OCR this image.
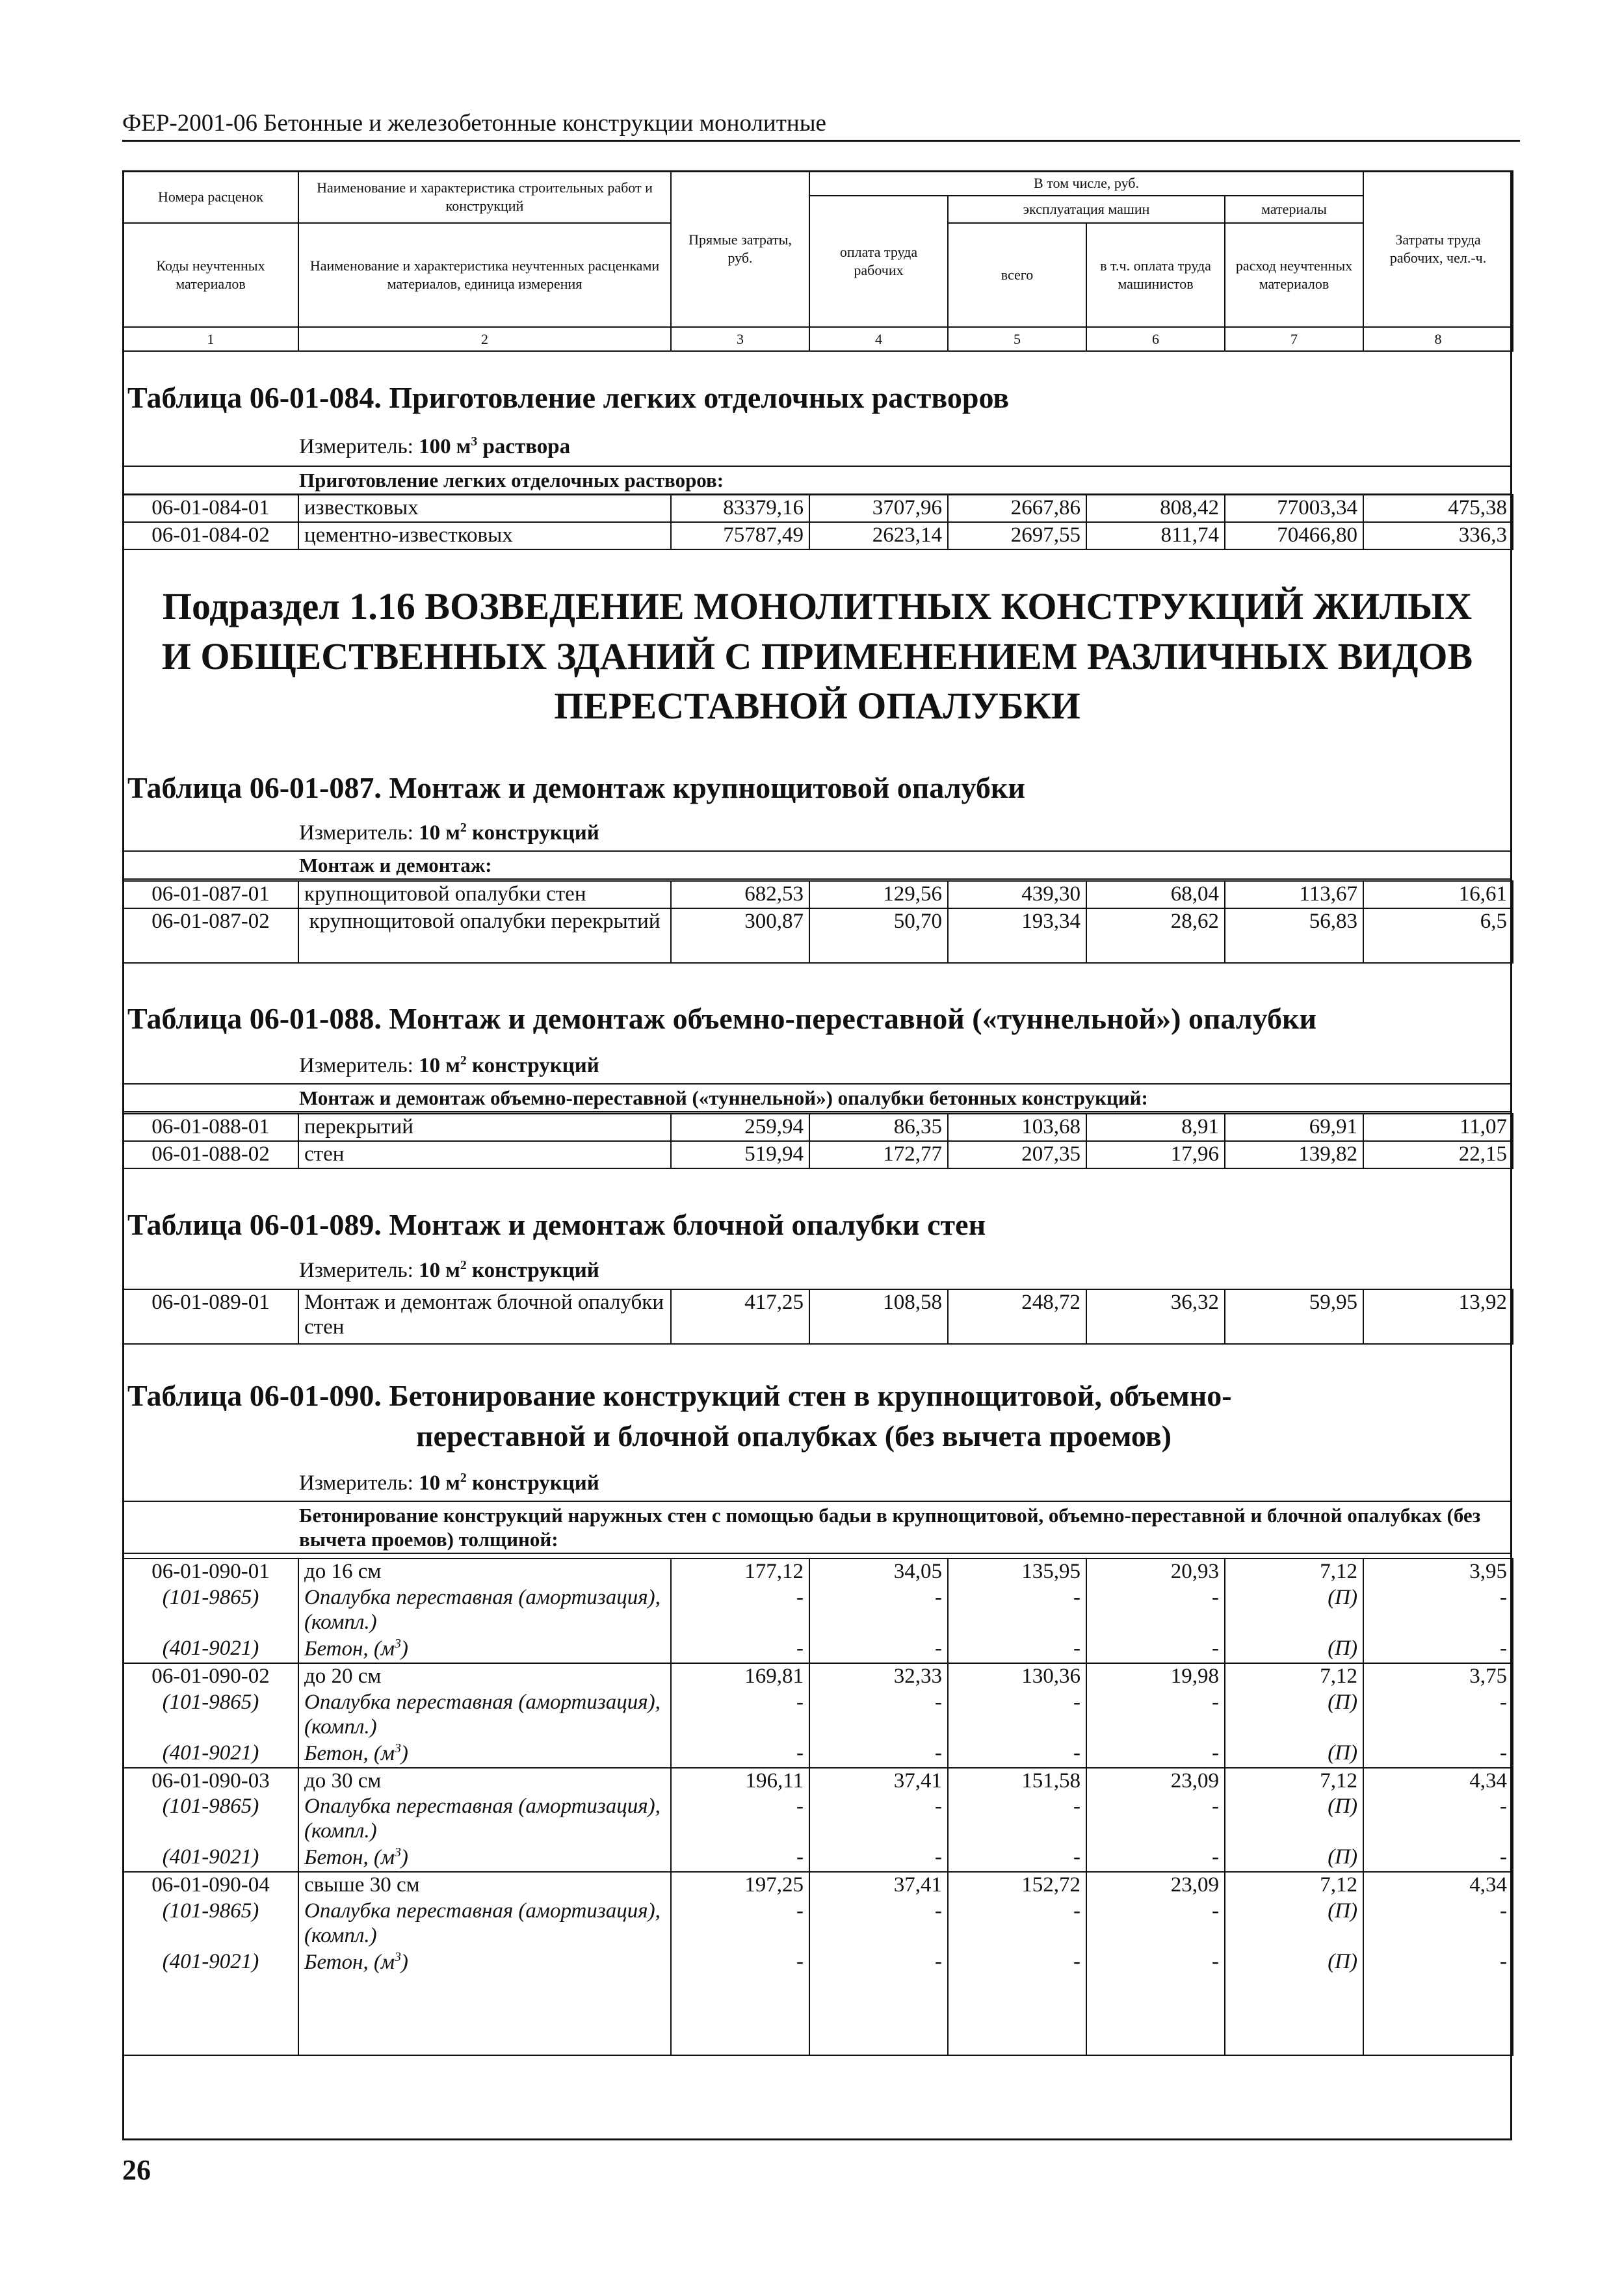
ФЕР-2001-06 Бетонные и железобетонные конструкции монолитные
Номера расценок	Наименование и характеристика строительных работ и конструкций	Прямые затраты, руб.	В том числе, руб.				Затраты труда рабочих, чел.-ч.
			оплата труда рабочих	эксплуатация машин		материалы	
Коды неучтенных материалов	Наименование и характеристика неучтенных расценками материалов, единица измерения			всего	в т.ч. оплата труда машинистов	расход неучтенных материалов	

1	2	3	4	5	6	7	8
Таблица 06-01-084. Приготовление легких отделочных растворов
Измеритель: 100 $м^3$ раствора
Приготовление легких отделочных растворов:
06-01-084-01	известковых	83379,16	3707,96	2667,86	808,42	77003,34	475,38
06-01-084-02	цементно-известковых	75787,49	2623,14	2697,55	811,74	70466,80	336,3
Подраздел 1.16 ВОЗВЕДЕНИЕ МОНОЛИТНЫХ КОНСТРУКЦИЙ ЖИЛЫХ
И ОБЩЕСТВЕННЫХ ЗДАНИЙ С ПРИМЕНЕНИЕМ РАЗЛИЧНЫХ ВИДОВ
ПЕРЕСТАВНОЙ ОПАЛУБКИ
Таблица 06-01-087. Монтаж и демонтаж крупнощитовой опалубки
Измеритель: 10 $м^2$ конструкций
Монтаж и демонтаж:
06-01-087-01	крупнощитовой опалубки стен	682,53	129,56	439,30	68,04	113,67	16,61
06-01-087-02	крупнощитовой опалубки перекрытий	300,87	50,70	193,34	28,62	56,83	6,5
Таблица 06-01-088. Монтаж и демонтаж объемно-переставной («туннельной») опалубки
Измеритель: 10 $м^2$ конструкций
Монтаж и демонтаж объемно-переставной («туннельной») опалубки бетонных конструкций:
06-01-088-01	перекрытий	259,94	86,35	103,68	8,91	69,91	11,07
06-01-088-02	стен	519,94	172,77	207,35	17,96	139,82	22,15
Таблица 06-01-089. Монтаж и демонтаж блочной опалубки стен
Измеритель: 10 $м^2$ конструкций
06-01-089-01	Монтаж и демонтаж блочной опалубки стен	417,25	108,58	248,72	36,32	59,95	13,92
Таблица 06-01-090. Бетонирование конструкций стен в крупнощитовой, объемно-
переставной и блочной опалубках (без вычета проемов)
Измеритель: 10 $м^2$ конструкций
Бетонирование конструкций наружных стен с помощью бадьи в крупнощитовой, объемно-переставной и блочной опалубках (без вычета проемов) толщиной:
06-01-090-01	до 16 см	177,12	34,05	135,95	20,93	7,12	3,95
(101-9865)	Опалубка переставная (амортизация), (компл.)	-	-	-	-	(П)	-
(401-9021)	Бетон, $(м^3)$	-	-	-	-	(П)	-
06-01-090-02	до 20 см	169,81	32,33	130,36	19,98	7,12	3,75
(101-9865)	Опалубка переставная (амортизация), (компл.)	-	-	-	-	(П)	-
(401-9021)	Бетон, $(м^3)$	-	-	-	-	(П)	-
06-01-090-03	до 30 см	196,11	37,41	151,58	23,09	7,12	4,34
(101-9865)	Опалубка переставная (амортизация), (компл.)	-	-	-	-	(П)	-
(401-9021)	Бетон, $(м^3)$	-	-	-	-	(П)	-
06-01-090-04	свыше 30 см	197,25	37,41	152,72	23,09	7,12	4,34
(101-9865)	Опалубка переставная (амортизация), (компл.)	-	-	-	-	(П)	-
(401-9021)	Бетон, $(м^3)$	-	-	-	-	(П)	-
26
